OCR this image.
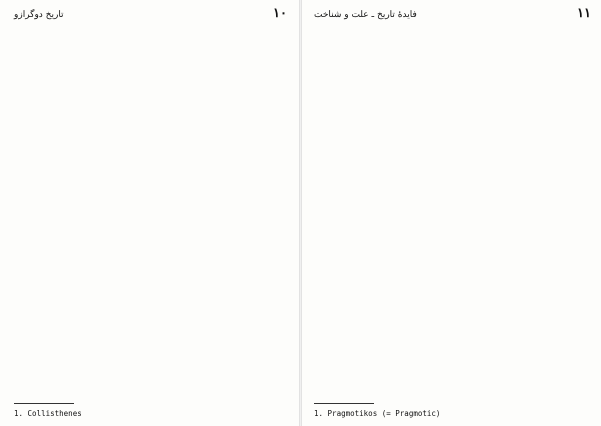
تاریخ دوگرازو	١٠
1. Collisthenes
فایدهٔ تاریخ ـ علت و شناخت	١١
1. Pragmotikos (= Pragmotic)
